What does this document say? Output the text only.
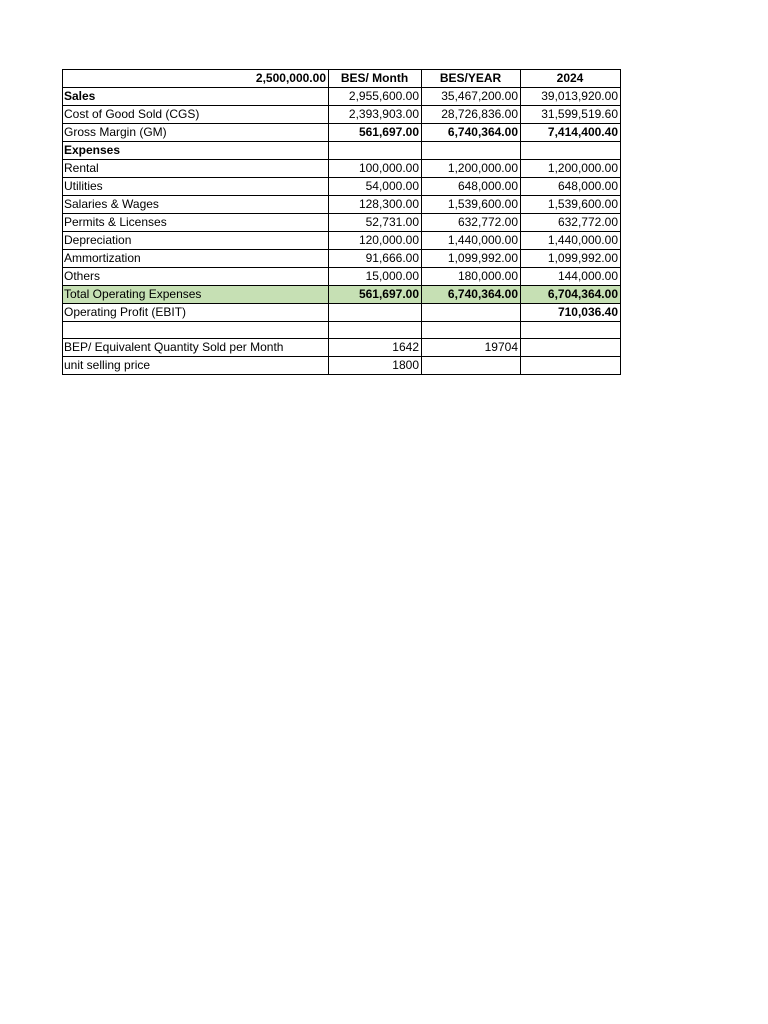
2,500,000.00	BES/ Month	BES/YEAR	2024
Sales	2,955,600.00	35,467,200.00	39,013,920.00
Cost of Good Sold (CGS)	2,393,903.00	28,726,836.00	31,599,519.60
Gross Margin (GM)	561,697.00	6,740,364.00	7,414,400.40
Expenses			
Rental	100,000.00	1,200,000.00	1,200,000.00
Utilities	54,000.00	648,000.00	648,000.00
Salaries & Wages	128,300.00	1,539,600.00	1,539,600.00
Permits & Licenses	52,731.00	632,772.00	632,772.00
Depreciation	120,000.00	1,440,000.00	1,440,000.00
Ammortization	91,666.00	1,099,992.00	1,099,992.00
Others	15,000.00	180,000.00	144,000.00
Total Operating Expenses	561,697.00	6,740,364.00	6,704,364.00
Operating Profit (EBIT)			710,036.40

BEP/ Equivalent Quantity Sold per Month	1642	19704	
unit selling price	1800		
